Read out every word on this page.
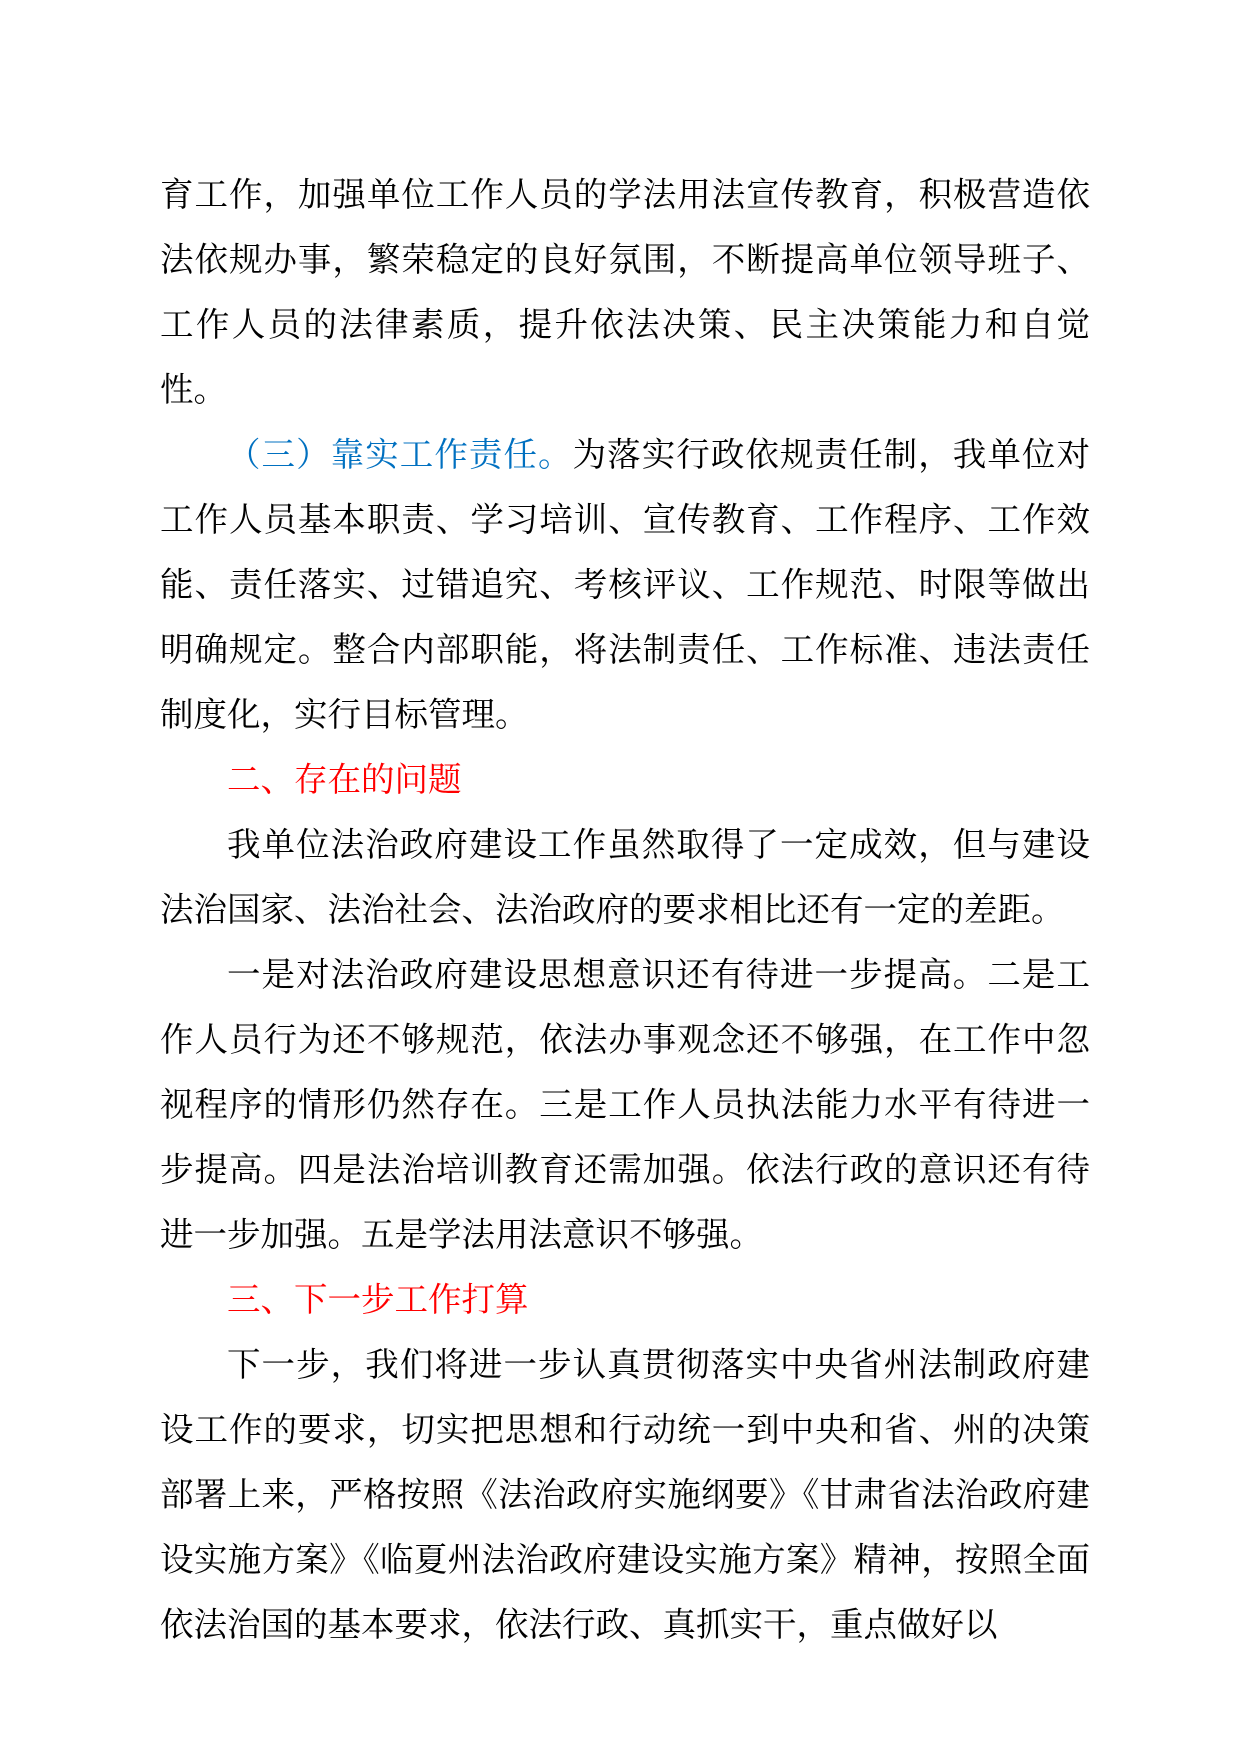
育工作，加强单位工作人员的学法用法宣传教育，积极营造依法依规办事，繁荣稳定的良好氛围，不断提高单位领导班子、工作人员的法律素质，提升依法决策、民主决策能力和自觉性。

（三）靠实工作责任。为落实行政依规责任制，我单位对工作人员基本职责、学习培训、宣传教育、工作程序、工作效能、责任落实、过错追究、考核评议、工作规范、时限等做出明确规定。整合内部职能，将法制责任、工作标准、违法责任制度化，实行目标管理。

二、存在的问题

我单位法治政府建设工作虽然取得了一定成效，但与建设法治国家、法治社会、法治政府的要求相比还有一定的差距。

一是对法治政府建设思想意识还有待进一步提高。二是工作人员行为还不够规范，依法办事观念还不够强，在工作中忽视程序的情形仍然存在。三是工作人员执法能力水平有待进一步提高。四是法治培训教育还需加强。依法行政的意识还有待进一步加强。五是学法用法意识不够强。

三、下一步工作打算

下一步，我们将进一步认真贯彻落实中央省州法制政府建设工作的要求，切实把思想和行动统一到中央和省、州的决策部署上来，严格按照《法治政府实施纲要》《甘肃省法治政府建设实施方案》《临夏州法治政府建设实施方案》精神，按照全面依法治国的基本要求，依法行政、真抓实干，重点做好以
